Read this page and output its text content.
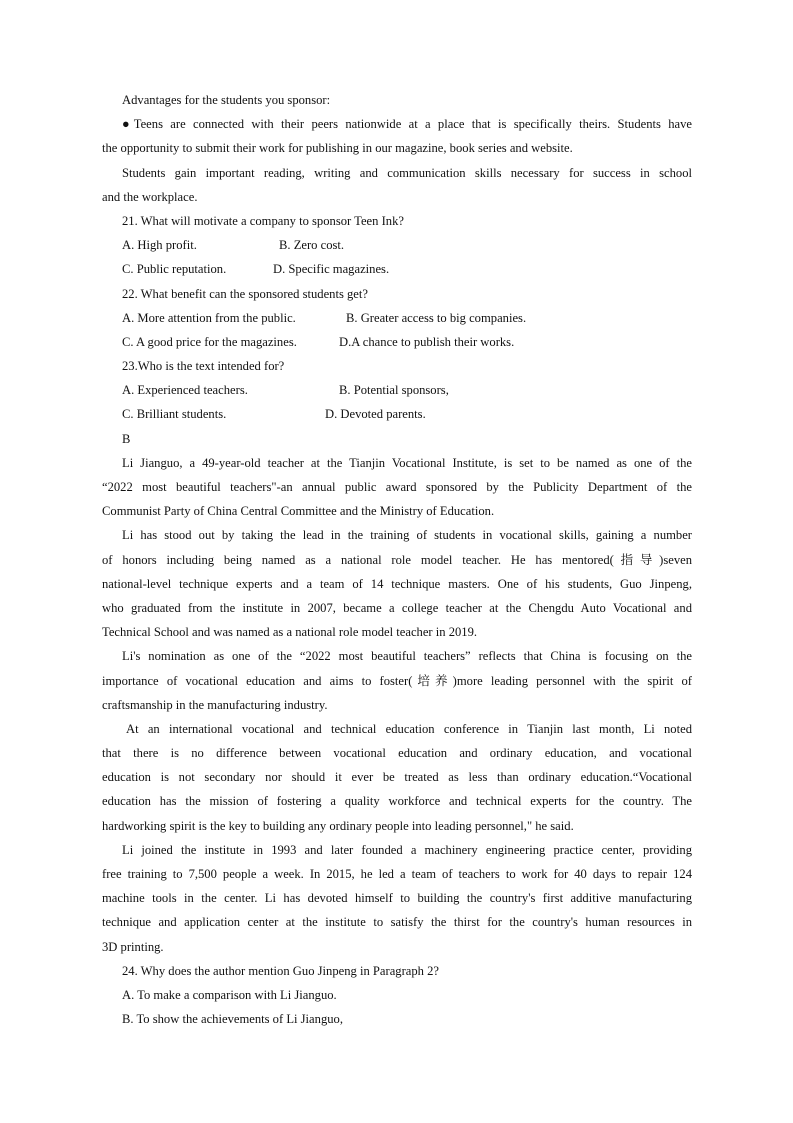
Advantages for the students you sponsor:
●Teens are connected with their peers nationwide at a place that is specifically theirs. Students have
the opportunity to submit their work for publishing in our magazine, book series and website.
Students gain important reading, writing and communication skills necessary for success in school
and the workplace.
21. What will motivate a company to sponsor Teen Ink?
A. High profit.	B. Zero cost.
C. Public reputation.	D. Specific magazines.
22. What benefit can the sponsored students get?
A. More attention from the public.	B. Greater access to big companies.
C. A good price for the magazines.	D.A chance to publish their works.
23.Who is the text intended for?
A. Experienced teachers.	B. Potential sponsors,
C. Brilliant students.	D. Devoted parents.
B
Li Jianguo, a 49-year-old teacher at the Tianjin Vocational Institute, is set to be named as one of the
“2022 most beautiful teachers"-an annual public award sponsored by the Publicity Department of the
Communist Party of China Central Committee and the Ministry of Education.
Li has stood out by taking the lead in the training of students in vocational skills, gaining a number
of honors including being named as a national role model teacher. He has mentored(指导)seven
national-level technique experts and a team of 14 technique masters. One of his students, Guo Jinpeng,
who graduated from the institute in 2007, became a college teacher at the Chengdu Auto Vocational and
Technical School and was named as a national role model teacher in 2019.
Li's nomination as one of the “2022 most beautiful teachers” reflects that China is focusing on the
importance of vocational education and aims to foster(培养)more leading personnel with the spirit of
craftsmanship in the manufacturing industry.
At an international vocational and technical education conference in Tianjin last month, Li noted
that there is no difference between vocational education and ordinary education, and vocational
education is not secondary nor should it ever be treated as less than ordinary education.“Vocational
education has the mission of fostering a quality workforce and technical experts for the country. The
hardworking spirit is the key to building any ordinary people into leading personnel," he said.
Li joined the institute in 1993 and later founded a machinery engineering practice center, providing
free training to 7,500 people a week. In 2015, he led a team of teachers to work for 40 days to repair 124
machine tools in the center. Li has devoted himself to building the country's first additive manufacturing
technique and application center at the institute to satisfy the thirst for the country's human resources in
3D printing.
24. Why does the author mention Guo Jinpeng in Paragraph 2?
A. To make a comparison with Li Jianguo.
B. To show the achievements of Li Jianguo,
